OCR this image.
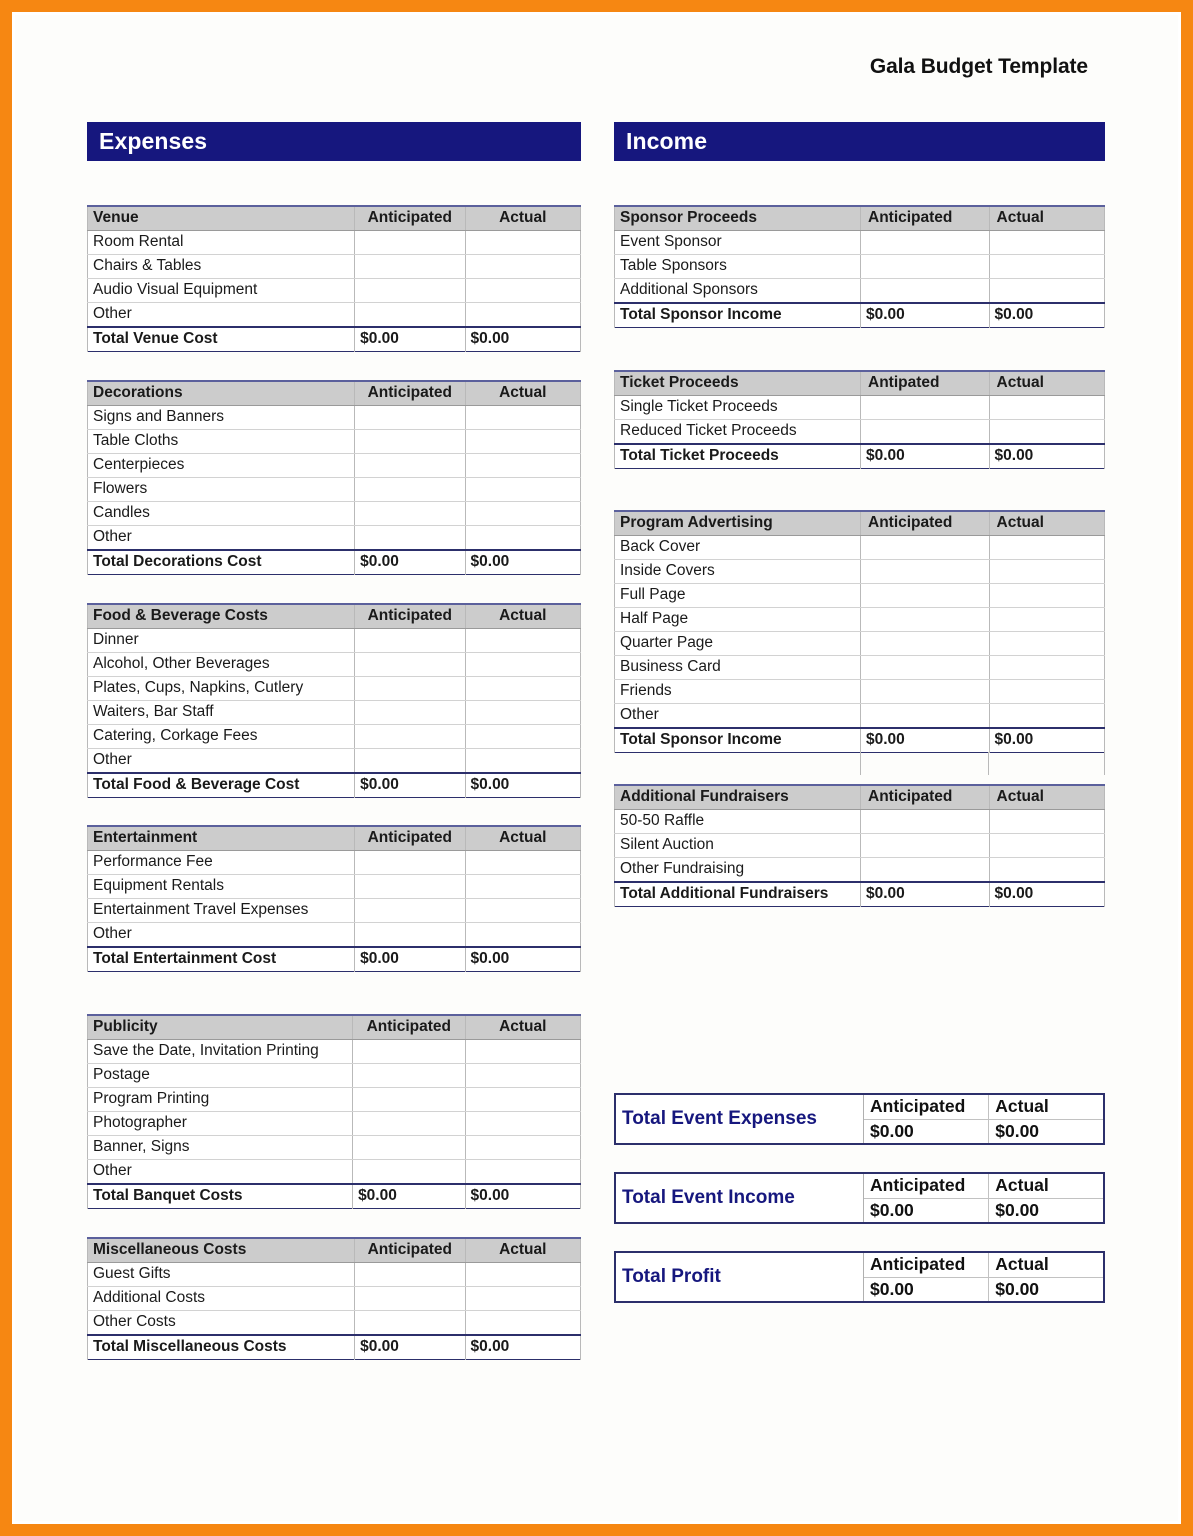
Gala Budget Template
Expenses
Venue	Anticipated	Actual
Room Rental		
Chairs & Tables		
Audio Visual Equipment		
Other		
Total Venue Cost	$0.00	$0.00
Decorations	Anticipated	Actual
Signs and Banners		
Table Cloths		
Centerpieces		
Flowers		
Candles		
Other		
Total Decorations Cost	$0.00	$0.00
Food & Beverage Costs	Anticipated	Actual
Dinner		
Alcohol, Other Beverages		
Plates, Cups, Napkins, Cutlery		
Waiters, Bar Staff		
Catering, Corkage Fees		
Other		
Total Food & Beverage Cost	$0.00	$0.00
Entertainment	Anticipated	Actual
Performance Fee		
Equipment Rentals		
Entertainment Travel Expenses		
Other		
Total Entertainment Cost	$0.00	$0.00
Publicity	Anticipated	Actual
Save the Date, Invitation Printing		
Postage		
Program Printing		
Photographer		
Banner, Signs		
Other		
Total Banquet Costs	$0.00	$0.00
Miscellaneous Costs	Anticipated	Actual
Guest Gifts		
Additional Costs		
Other Costs		
Total Miscellaneous Costs	$0.00	$0.00
Income
Sponsor Proceeds	Anticipated	Actual
Event Sponsor		
Table Sponsors		
Additional Sponsors		
Total Sponsor Income	$0.00	$0.00
Ticket Proceeds	Antipated	Actual
Single Ticket Proceeds		
Reduced Ticket Proceeds		
Total Ticket Proceeds	$0.00	$0.00
Program Advertising	Anticipated	Actual
Back Cover		
Inside Covers		
Full Page		
Half Page		
Quarter Page		
Business Card		
Friends		
Other		
Total Sponsor Income	$0.00	$0.00

Additional Fundraisers	Anticipated	Actual
50-50 Raffle		
Silent Auction		
Other Fundraising		
Total Additional Fundraisers	$0.00	$0.00
Total Event Expenses	Anticipated	Actual
	$0.00	$0.00
Total Event Income	Anticipated	Actual
	$0.00	$0.00
Total Profit	Anticipated	Actual
	$0.00	$0.00
